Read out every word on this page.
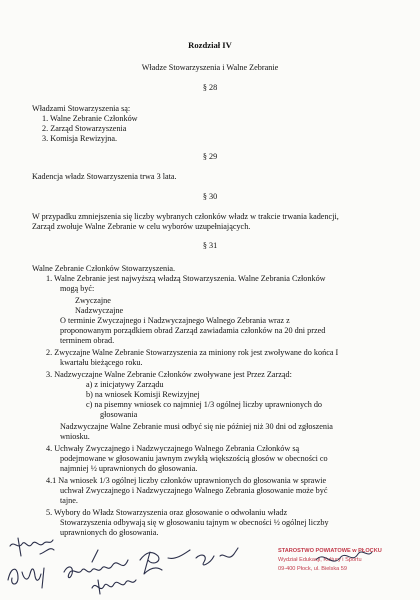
Rozdział IV
Władze Stowarzyszenia i Walne Zebranie
§ 28
Władzami Stowarzyszenia są:
1. Walne Zebranie Członków
2. Zarząd Stowarzyszenia
3. Komisja Rewizyjna.
§ 29
Kadencja władz Stowarzyszenia trwa 3 lata.
§ 30
W przypadku zmniejszenia się liczby wybranych członków władz w trakcie trwania kadencji,
Zarząd zwołuje Walne Zebranie w celu wyborów uzupełniających.
§ 31
Walne Zebranie Członków Stowarzyszenia.
1. Walne Zebranie jest najwyższą władzą Stowarzyszenia. Walne Zebrania Członków
mogą być:
Zwyczajne
Nadzwyczajne
O terminie Zwyczajnego i Nadzwyczajnego Walnego Zebrania wraz z
proponowanym porządkiem obrad Zarząd zawiadamia członków na 20 dni przed
terminem obrad.
2. Zwyczajne Walne Zebranie Stowarzyszenia za miniony rok jest zwoływane do końca I
kwartału bieżącego roku.
3. Nadzwyczajne Walne Zebranie Członków zwoływane jest Przez Zarząd:
a) z inicjatywy Zarządu
b) na wniosek Komisji Rewizyjnej
c) na pisemny wniosek co najmniej 1/3 ogólnej liczby uprawnionych do
głosowania
Nadzwyczajne Walne Zebranie musi odbyć się nie później niż 30 dni od zgłoszenia
wniosku.
4. Uchwały Zwyczajnego i Nadzwyczajnego Walnego Zebrania Członków są
podejmowane w głosowaniu jawnym zwykłą większością głosów w obecności co
najmniej ½ uprawnionych do głosowania.
4.1 Na wniosek 1/3 ogólnej liczby członków uprawnionych do głosowania w sprawie
uchwał Zwyczajnego i Nadzwyczajnego Walnego Zebrania głosowanie może być
tajne.
5. Wybory do Władz Stowarzyszenia oraz głosowanie o odwołaniu władz
Stowarzyszenia odbywają się w głosowaniu tajnym w obecności ½ ogólnej liczby
uprawnionych do głosowania.
STAROSTWO POWIATOWE w PŁOCKU
Wydział Edukacji, Kultury i Sportu
09-400 Płock, ul. Bielska 59
